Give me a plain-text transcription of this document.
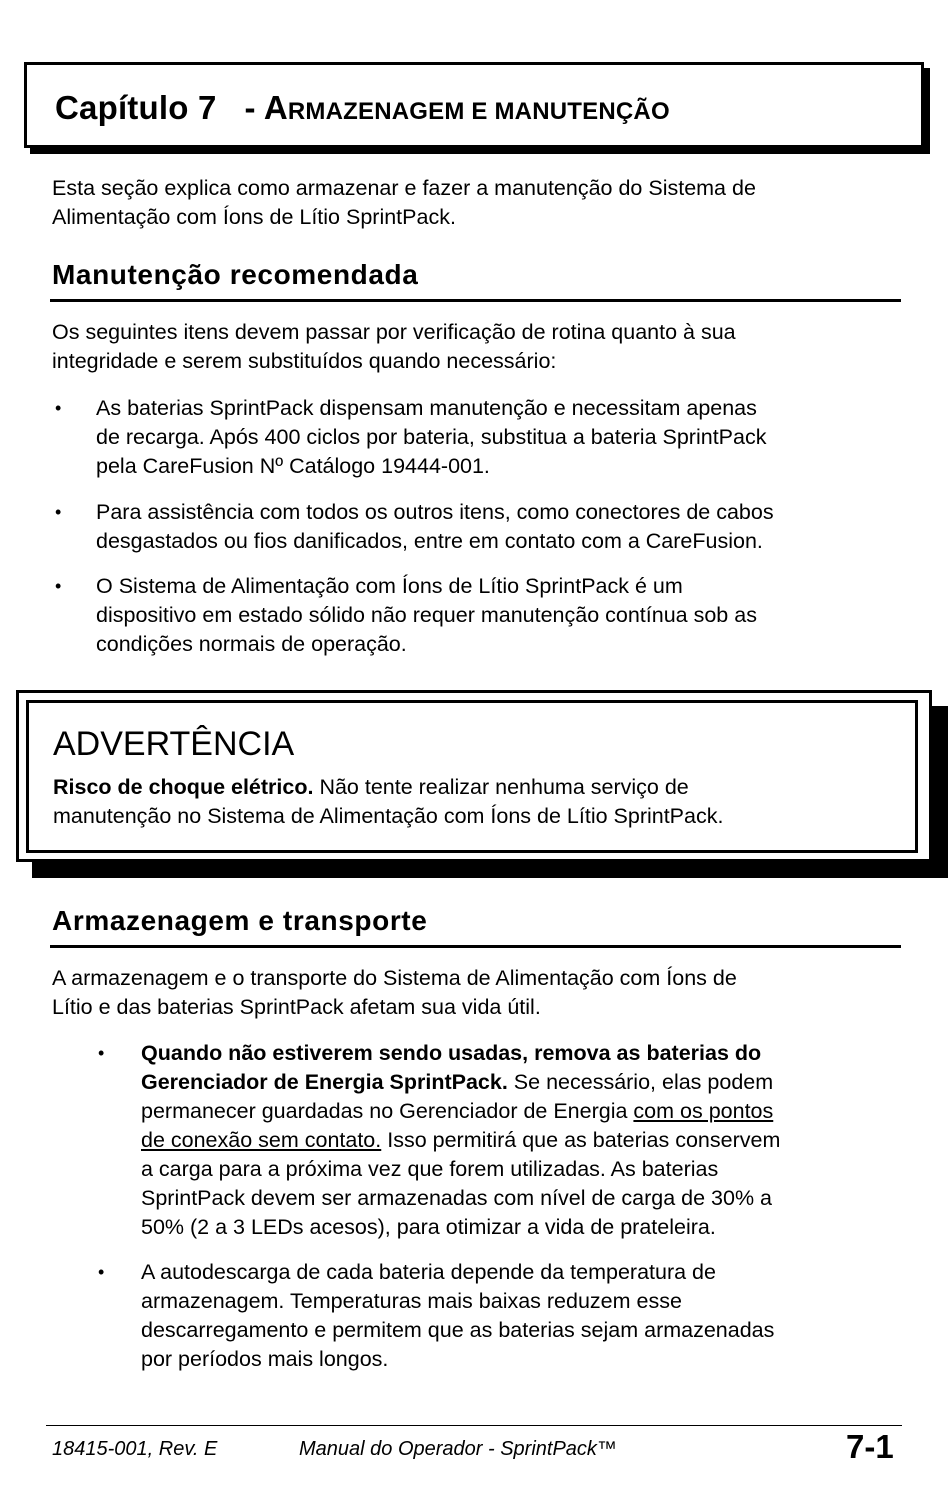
Capítulo 7 - ARMAZENAGEM E MANUTENÇÃO
Esta seção explica como armazenar e fazer a manutenção do Sistema de
Alimentação com Íons de Lítio SprintPack.
Manutenção recomendada
Os seguintes itens devem passar por verificação de rotina quanto à sua
integridade e serem substituídos quando necessário:
• As baterias SprintPack dispensam manutenção e necessitam apenas
de recarga. Após 400 ciclos por bateria, substitua a bateria SprintPack
pela CareFusion Nº Catálogo 19444-001.
• Para assistência com todos os outros itens, como conectores de cabos
desgastados ou fios danificados, entre em contato com a CareFusion.
• O Sistema de Alimentação com Íons de Lítio SprintPack é um
dispositivo em estado sólido não requer manutenção contínua sob as
condições normais de operação.
ADVERTÊNCIA
Risco de choque elétrico. Não tente realizar nenhuma serviço de
manutenção no Sistema de Alimentação com Íons de Lítio SprintPack.
Armazenagem e transporte
A armazenagem e o transporte do Sistema de Alimentação com Íons de
Lítio e das baterias SprintPack afetam sua vida útil.
• Quando não estiverem sendo usadas, remova as baterias do
Gerenciador de Energia SprintPack. Se necessário, elas podem
permanecer guardadas no Gerenciador de Energia com os pontos
de conexão sem contato. Isso permitirá que as baterias conservem
a carga para a próxima vez que forem utilizadas. As baterias
SprintPack devem ser armazenadas com nível de carga de 30% a
50% (2 a 3 LEDs acesos), para otimizar a vida de prateleira.
• A autodescarga de cada bateria depende da temperatura de
armazenagem. Temperaturas mais baixas reduzem esse
descarregamento e permitem que as baterias sejam armazenadas
por períodos mais longos.
18415-001, Rev. E	Manual do Operador - SprintPack™	7-1
